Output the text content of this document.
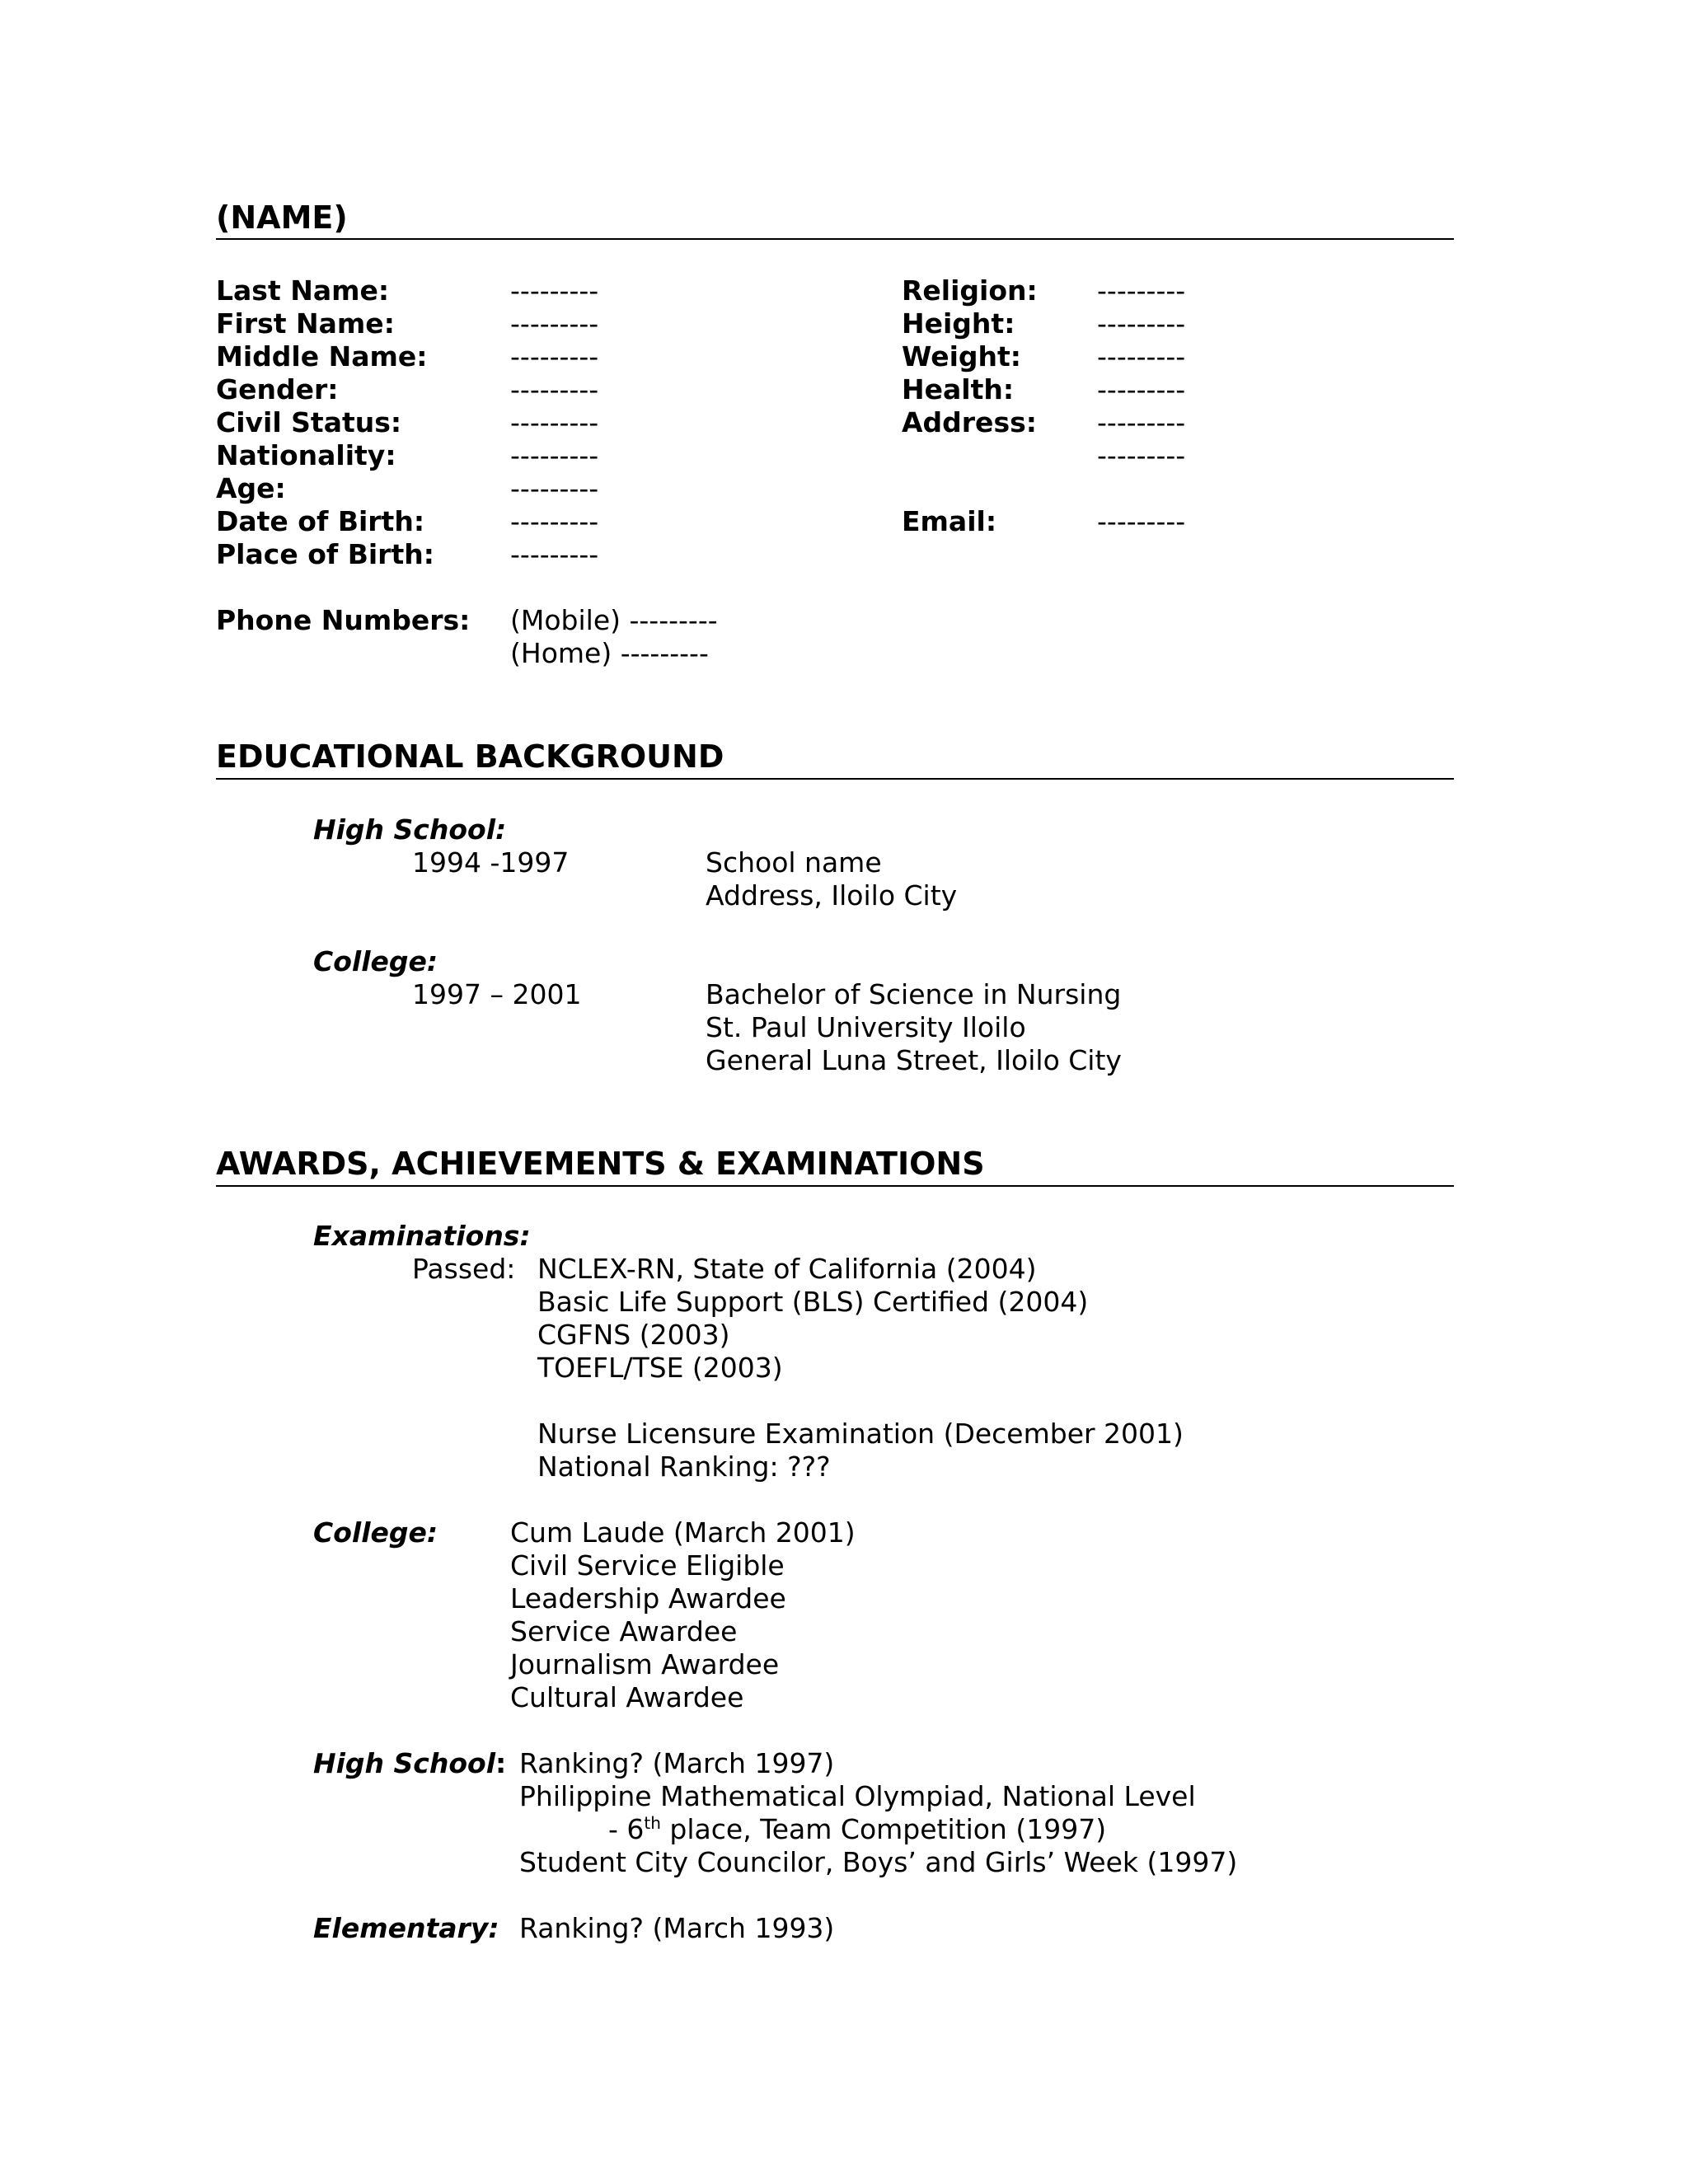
(NAME)
Last Name:	---------
First Name:	---------
Middle Name:	---------
Gender:	---------
Civil Status:	---------
Nationality:	---------
Age:	---------
Date of Birth:	---------
Place of Birth:	---------
Religion: ---------
Height:	---------
Weight:	---------
Health:	---------
Address: ---------
---------
Email:	---------
Phone Numbers: (Mobile) ---------
(Home) ---------
EDUCATIONAL BACKGROUND
High School:
1994 -1997	School name
Address, Iloilo City
College:
1997 – 2001	Bachelor of Science in Nursing
St. Paul University Iloilo
General Luna Street, Iloilo City
AWARDS, ACHIEVEMENTS & EXAMINATIONS
Examinations:
Passed: NCLEX-RN, State of California (2004)
Basic Life Support (BLS) Certified (2004)
CGFNS (2003)
TOEFL/TSE (2003)
Nurse Licensure Examination (December 2001)
National Ranking: ???
College:	Cum Laude (March 2001)
Civil Service Eligible
Leadership Awardee
Service Awardee
Journalism Awardee
Cultural Awardee
High School: Ranking? (March 1997)
Philippine Mathematical Olympiad, National Level
- 6th place, Team Competition (1997)
Student City Councilor, Boys’ and Girls’ Week (1997)
Elementary: Ranking? (March 1993)
